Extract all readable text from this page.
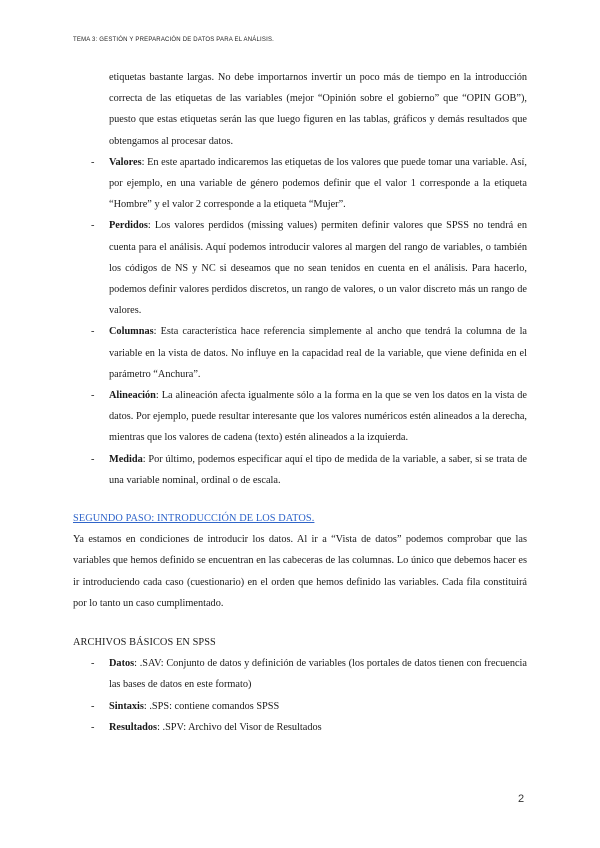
TEMA 3: GESTIÓN Y PREPARACIÓN DE DATOS PARA EL ANÁLISIS.
etiquetas bastante largas. No debe importarnos invertir un poco más de tiempo en la introducción correcta de las etiquetas de las variables (mejor “Opinión sobre el gobierno” que “OPIN GOB”), puesto que estas etiquetas serán las que luego figuren en las tablas, gráficos y demás resultados que obtengamos al procesar datos.
- Valores: En este apartado indicaremos las etiquetas de los valores que puede tomar una variable. Así, por ejemplo, en una variable de género podemos definir que el valor 1 corresponde a la etiqueta “Hombre” y el valor 2 corresponde a la etiqueta “Mujer”.
- Perdidos: Los valores perdidos (missing values) permiten definir valores que SPSS no tendrá en cuenta para el análisis. Aquí podemos introducir valores al margen del rango de variables, o también los códigos de NS y NC si deseamos que no sean tenidos en cuenta en el análisis. Para hacerlo, podemos definir valores perdidos discretos, un rango de valores, o un valor discreto más un rango de valores.
- Columnas: Esta característica hace referencia simplemente al ancho que tendrá la columna de la variable en la vista de datos. No influye en la capacidad real de la variable, que viene definida en el parámetro “Anchura”.
- Alineación: La alineación afecta igualmente sólo a la forma en la que se ven los datos en la vista de datos. Por ejemplo, puede resultar interesante que los valores numéricos estén alineados a la derecha, mientras que los valores de cadena (texto) estén alineados a la izquierda.
- Medida: Por último, podemos especificar aquí el tipo de medida de la variable, a saber, si se trata de una variable nominal, ordinal o de escala.
SEGUNDO PASO: INTRODUCCIÓN DE LOS DATOS.
Ya estamos en condiciones de introducir los datos. Al ir a “Vista de datos” podemos comprobar que las variables que hemos definido se encuentran en las cabeceras de las columnas. Lo único que debemos hacer es ir introduciendo cada caso (cuestionario) en el orden que hemos definido las variables. Cada fila constituirá por lo tanto un caso cumplimentado.
ARCHIVOS BÁSICOS EN SPSS
- Datos: .SAV: Conjunto de datos y definición de variables (los portales de datos tienen con frecuencia las bases de datos en este formato)
- Sintaxis: .SPS: contiene comandos SPSS
- Resultados: .SPV: Archivo del Visor de Resultados
2
